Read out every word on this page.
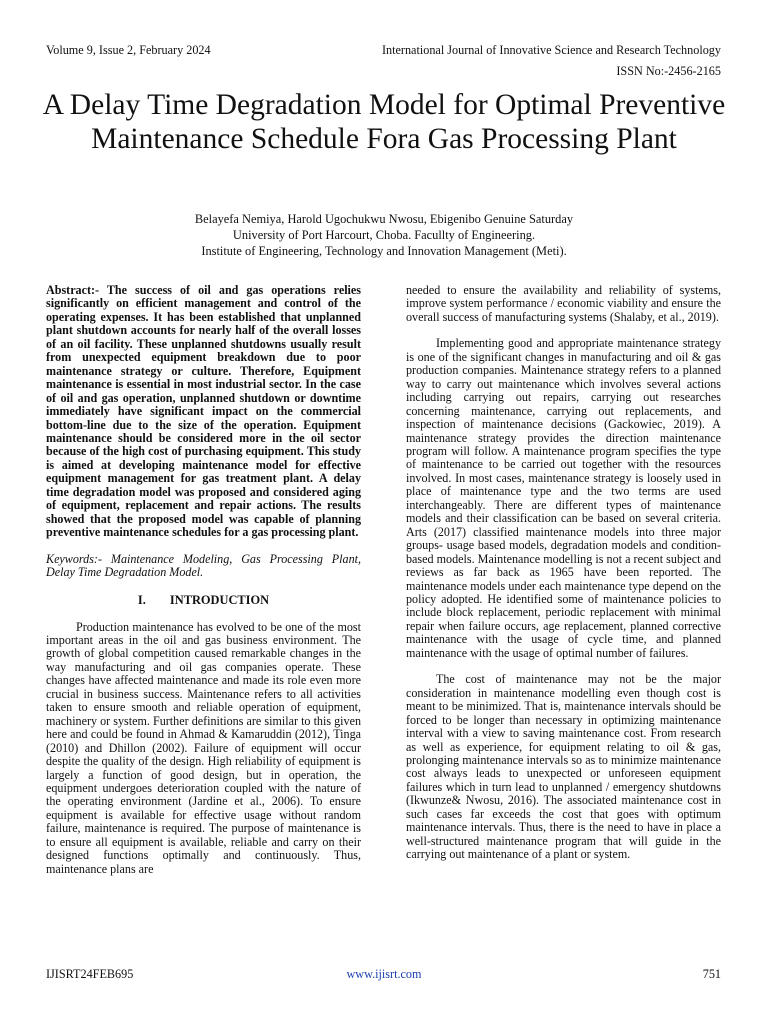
Volume 9, Issue 2, February 2024	International Journal of Innovative Science and Research Technology
ISSN No:-2456-2165
A Delay Time Degradation Model for Optimal Preventive Maintenance Schedule Fora Gas Processing Plant
Belayefa Nemiya, Harold Ugochukwu Nwosu, Ebigenibo Genuine Saturday
University of Port Harcourt, Choba. Facullty of Engineering.
Institute of Engineering, Technology and Innovation Management (Meti).

Abstract:- The success of oil and gas operations relies significantly on efficient management and control of the operating expenses. It has been established that unplanned plant shutdown accounts for nearly half of the overall losses of an oil facility. These unplanned shutdowns usually result from unexpected equipment breakdown due to poor maintenance strategy or culture. Therefore, Equipment maintenance is essential in most industrial sector. In the case of oil and gas operation, unplanned shutdown or downtime immediately have significant impact on the commercial bottom-line due to the size of the operation. Equipment maintenance should be considered more in the oil sector because of the high cost of purchasing equipment. This study is aimed at developing maintenance model for effective equipment management for gas treatment plant. A delay time degradation model was proposed and considered aging of equipment, replacement and repair actions. The results showed that the proposed model was capable of planning preventive maintenance schedules for a gas processing plant.

Keywords:- Maintenance Modeling, Gas Processing Plant, Delay Time Degradation Model.

I. INTRODUCTION

Production maintenance has evolved to be one of the most important areas in the oil and gas business environment. The growth of global competition caused remarkable changes in the way manufacturing and oil gas companies operate. These changes have affected maintenance and made its role even more crucial in business success. Maintenance refers to all activities taken to ensure smooth and reliable operation of equipment, machinery or system. Further definitions are similar to this given here and could be found in Ahmad & Kamaruddin (2012), Tinga (2010) and Dhillon (2002). Failure of equipment will occur despite the quality of the design. High reliability of equipment is largely a function of good design, but in operation, the equipment undergoes deterioration coupled with the nature of the operating environment (Jardine et al., 2006). To ensure equipment is available for effective usage without random failure, maintenance is required. The purpose of maintenance is to ensure all equipment is available, reliable and carry on their designed functions optimally and continuously. Thus, maintenance plans are

needed to ensure the availability and reliability of systems, improve system performance / economic viability and ensure the overall success of manufacturing systems (Shalaby, et al., 2019).

Implementing good and appropriate maintenance strategy is one of the significant changes in manufacturing and oil & gas production companies. Maintenance strategy refers to a planned way to carry out maintenance which involves several actions including carrying out repairs, carrying out researches concerning maintenance, carrying out replacements, and inspection of maintenance decisions (Gackowiec, 2019). A maintenance strategy provides the direction maintenance program will follow. A maintenance program specifies the type of maintenance to be carried out together with the resources involved. In most cases, maintenance strategy is loosely used in place of maintenance type and the two terms are used interchangeably. There are different types of maintenance models and their classification can be based on several criteria. Arts (2017) classified maintenance models into three major groups- usage based models, degradation models and condition-based models. Maintenance modelling is not a recent subject and reviews as far back as 1965 have been reported. The maintenance models under each maintenance type depend on the policy adopted. He identified some of maintenance policies to include block replacement, periodic replacement with minimal repair when failure occurs, age replacement, planned corrective maintenance with the usage of cycle time, and planned maintenance with the usage of optimal number of failures.

The cost of maintenance may not be the major consideration in maintenance modelling even though cost is meant to be minimized. That is, maintenance intervals should be forced to be longer than necessary in optimizing maintenance interval with a view to saving maintenance cost. From research as well as experience, for equipment relating to oil & gas, prolonging maintenance intervals so as to minimize maintenance cost always leads to unexpected or unforeseen equipment failures which in turn lead to unplanned / emergency shutdowns (Ikwunze& Nwosu, 2016). The associated maintenance cost in such cases far exceeds the cost that goes with optimum maintenance intervals. Thus, there is the need to have in place a well-structured maintenance program that will guide in the carrying out maintenance of a plant or system.

IJISRT24FEB695	www.ijisrt.com	751
